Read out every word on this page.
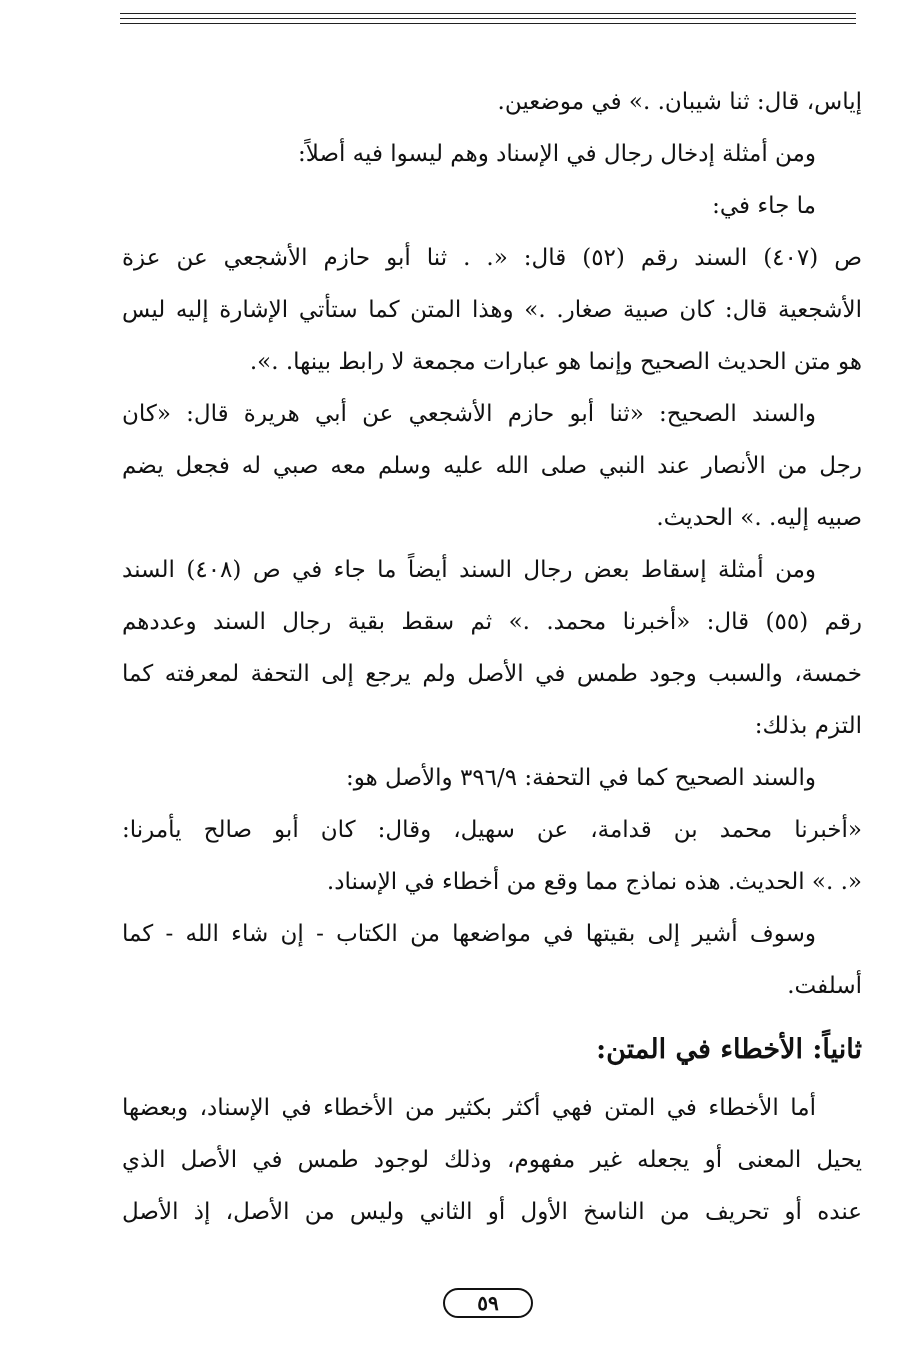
إياس، قال: ثنا شيبان. .» في موضعين.
ومن أمثلة إدخال رجال في الإسناد وهم ليسوا فيه أصلاً:
ما جاء في:
ص (٤٠٧) السند رقم (٥٢) قال: «. . ثنا أبو حازم الأشجعي عن عزة
الأشجعية قال: كان صبية صغار. .» وهذا المتن كما ستأتي الإشارة إليه ليس
هو متن الحديث الصحيح وإنما هو عبارات مجمعة لا رابط بينها. .».
والسند الصحيح: «ثنا أبو حازم الأشجعي عن أبي هريرة قال: «كان
رجل من الأنصار عند النبي صلى الله عليه وسلم معه صبي له فجعل يضم
صبيه إليه. .» الحديث.
ومن أمثلة إسقاط بعض رجال السند أيضاً ما جاء في ص (٤٠٨) السند
رقم (٥٥) قال: «أخبرنا محمد. .» ثم سقط بقية رجال السند وعددهم
خمسة، والسبب وجود طمس في الأصل ولم يرجع إلى التحفة لمعرفته كما
التزم بذلك:
والسند الصحيح كما في التحفة: ٣٩٦/٩ والأصل هو:
«أخبرنا محمد بن قدامة، عن سهيل، وقال: كان أبو صالح يأمرنا:
«. .» الحديث. هذه نماذج مما وقع من أخطاء في الإسناد.
وسوف أشير إلى بقيتها في مواضعها من الكتاب - إن شاء الله - كما
أسلفت.
ثانياً: الأخطاء في المتن:
أما الأخطاء في المتن فهي أكثر بكثير من الأخطاء في الإسناد، وبعضها
يحيل المعنى أو يجعله غير مفهوم، وذلك لوجود طمس في الأصل الذي
عنده أو تحريف من الناسخ الأول أو الثاني وليس من الأصل، إذ الأصل
٥٩
